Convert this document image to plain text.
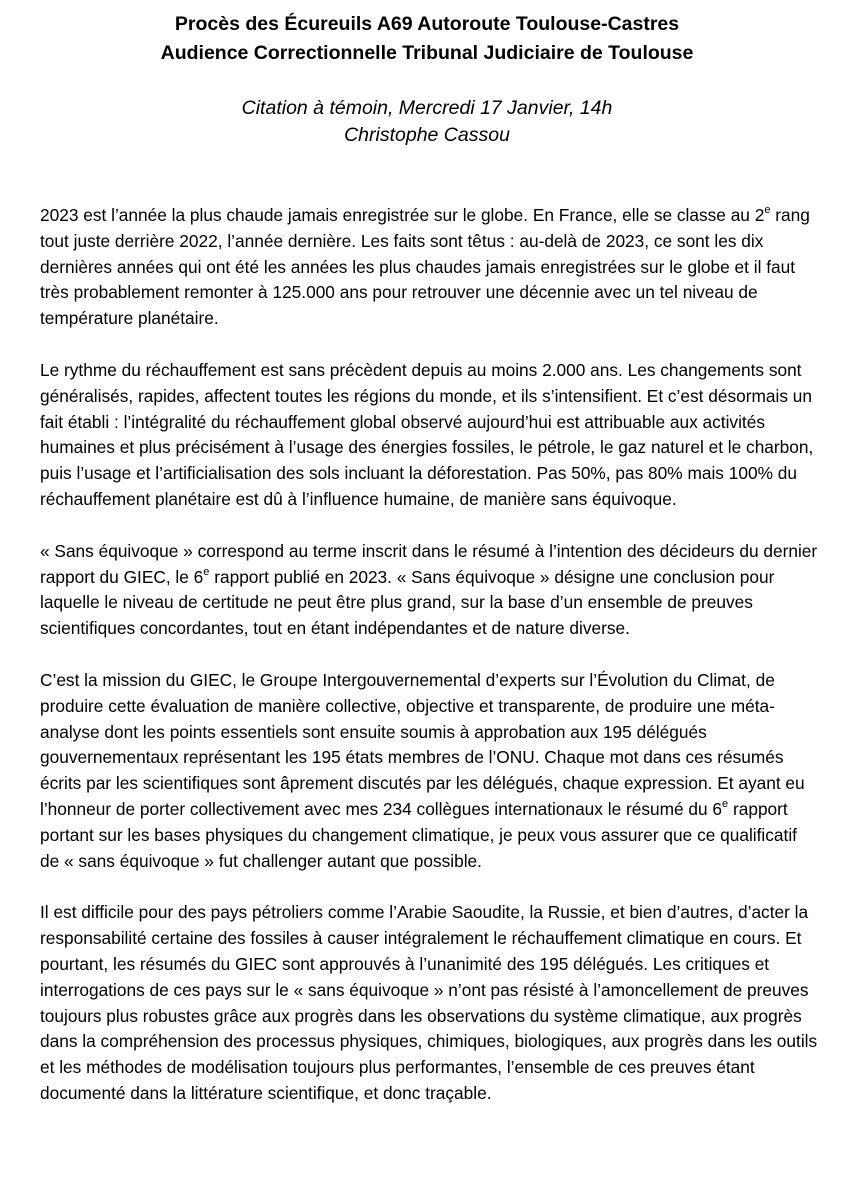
Procès des Écureuils A69 Autoroute Toulouse-Castres

Audience Correctionnelle Tribunal Judiciaire de Toulouse

Citation à témoin, Mercredi 17 Janvier, 14h

Christophe Cassou

2023 est l’année la plus chaude jamais enregistrée sur le globe. En France, elle se classe au 2e rang tout juste derrière 2022, l’année dernière. Les faits sont têtus : au-delà de 2023, ce sont les dix dernières années qui ont été les années les plus chaudes jamais enregistrées sur le globe et il faut très probablement remonter à 125.000 ans pour retrouver une décennie avec un tel niveau de température planétaire.

Le rythme du réchauffement est sans précèdent depuis au moins 2.000 ans. Les changements sont généralisés, rapides, affectent toutes les régions du monde, et ils s’intensifient. Et c’est désormais un fait établi : l’intégralité du réchauffement global observé aujourd’hui est attribuable aux activités humaines et plus précisément à l’usage des énergies fossiles, le pétrole, le gaz naturel et le charbon, puis l’usage et l’artificialisation des sols incluant la déforestation. Pas 50%, pas 80% mais 100% du réchauffement planétaire est dû à l’influence humaine, de manière sans équivoque.

« Sans équivoque » correspond au terme inscrit dans le résumé à l’intention des décideurs du dernier rapport du GIEC, le 6e rapport publié en 2023. « Sans équivoque » désigne une conclusion pour laquelle le niveau de certitude ne peut être plus grand, sur la base d’un ensemble de preuves scientifiques concordantes, tout en étant indépendantes et de nature diverse.

C’est la mission du GIEC, le Groupe Intergouvernemental d’experts sur l’Évolution du Climat, de produire cette évaluation de manière collective, objective et transparente, de produire une méta-analyse dont les points essentiels sont ensuite soumis à approbation aux 195 délégués gouvernementaux représentant les 195 états membres de l’ONU. Chaque mot dans ces résumés écrits par les scientifiques sont âprement discutés par les délégués, chaque expression. Et ayant eu l’honneur de porter collectivement avec mes 234 collègues internationaux le résumé du 6e rapport portant sur les bases physiques du changement climatique, je peux vous assurer que ce qualificatif de « sans équivoque » fut challenger autant que possible.

Il est difficile pour des pays pétroliers comme l’Arabie Saoudite, la Russie, et bien d’autres, d’acter la responsabilité certaine des fossiles à causer intégralement le réchauffement climatique en cours. Et pourtant, les résumés du GIEC sont approuvés à l’unanimité des 195 délégués. Les critiques et interrogations de ces pays sur le « sans équivoque » n’ont pas résisté à l’amoncellement de preuves toujours plus robustes grâce aux progrès dans les observations du système climatique, aux progrès dans la compréhension des processus physiques, chimiques, biologiques, aux progrès dans les outils et les méthodes de modélisation toujours plus performantes, l’ensemble de ces preuves étant documenté dans la littérature scientifique, et donc traçable.
